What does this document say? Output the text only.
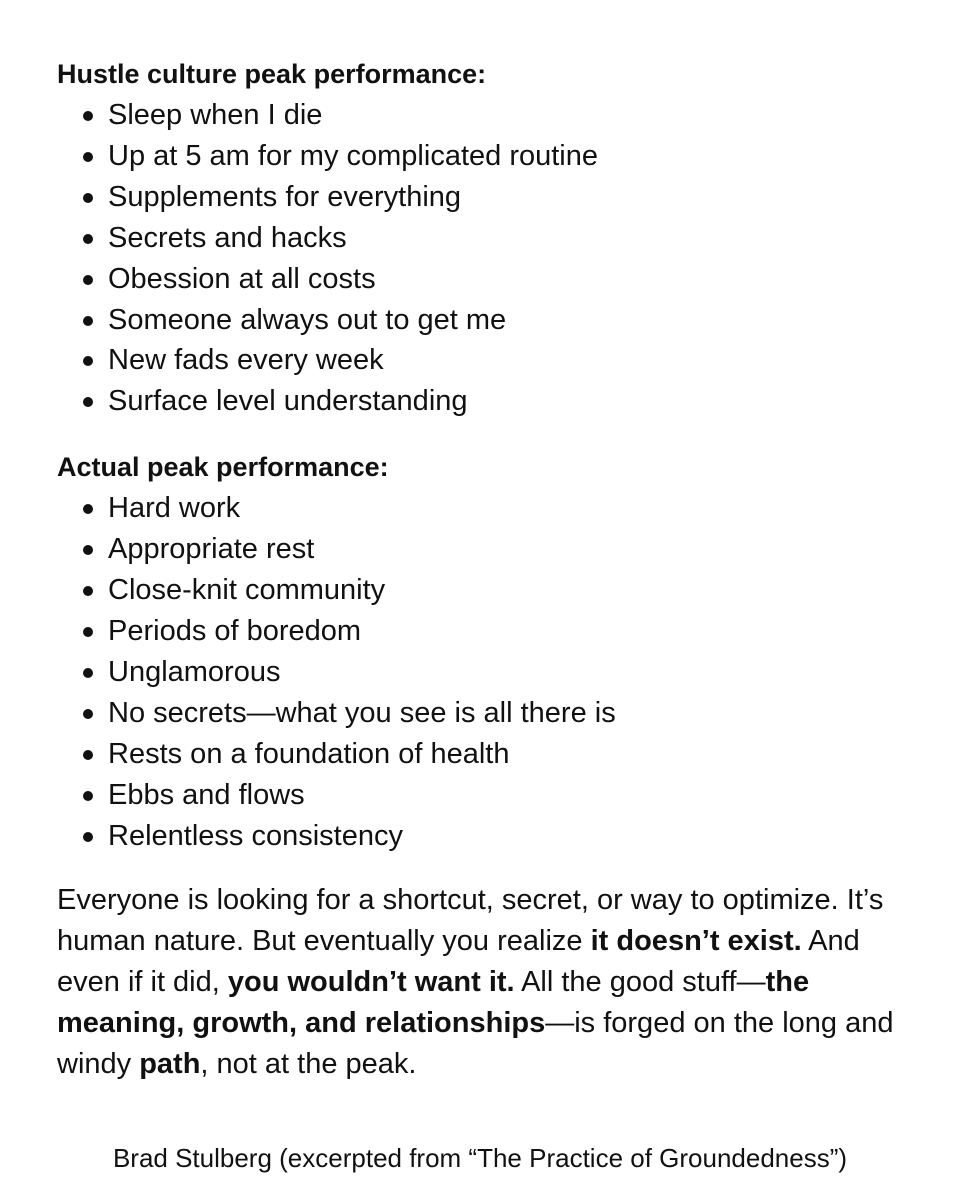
Hustle culture peak performance:
Sleep when I die
Up at 5 am for my complicated routine
Supplements for everything
Secrets and hacks
Obession at all costs
Someone always out to get me
New fads every week
Surface level understanding
Actual peak performance:
Hard work
Appropriate rest
Close-knit community
Periods of boredom
Unglamorous
No secrets—what you see is all there is
Rests on a foundation of health
Ebbs and flows
Relentless consistency

Everyone is looking for a shortcut, secret, or way to optimize. It’s human nature. But eventually you realize it doesn’t exist. And even if it did, you wouldn’t want it. All the good stuff—the meaning, growth, and relationships—is forged on the long and windy path, not at the peak.

Brad Stulberg (excerpted from “The Practice of Groundedness”)
